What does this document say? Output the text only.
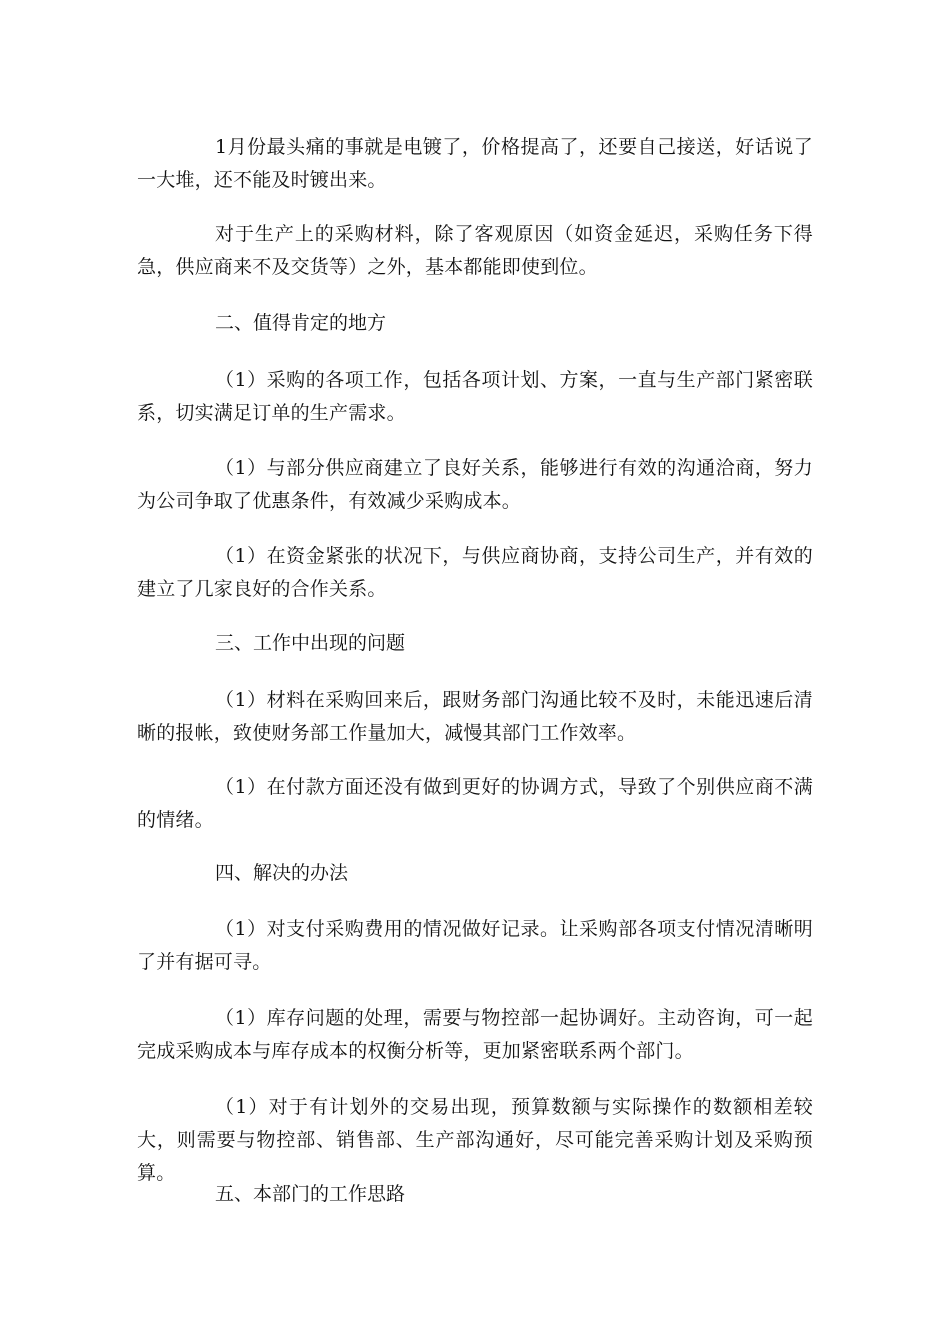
1月份最头痛的事就是电镀了，价格提高了，还要自己接送，好话说了一大堆，还不能及时镀出来。

对于生产上的采购材料，除了客观原因（如资金延迟，采购任务下得急，供应商来不及交货等）之外，基本都能即使到位。

二、值得肯定的地方

（1）采购的各项工作，包括各项计划、方案，一直与生产部门紧密联系，切实满足订单的生产需求。

（1）与部分供应商建立了良好关系，能够进行有效的沟通洽商，努力为公司争取了优惠条件，有效减少采购成本。

（1）在资金紧张的状况下，与供应商协商，支持公司生产，并有效的建立了几家良好的合作关系。

三、工作中出现的问题

（1）材料在采购回来后，跟财务部门沟通比较不及时，未能迅速后清晰的报帐，致使财务部工作量加大，减慢其部门工作效率。

（1）在付款方面还没有做到更好的协调方式，导致了个别供应商不满的情绪。

四、解决的办法

（1）对支付采购费用的情况做好记录。让采购部各项支付情况清晰明了并有据可寻。

（1）库存问题的处理，需要与物控部一起协调好。主动咨询，可一起完成采购成本与库存成本的权衡分析等，更加紧密联系两个部门。

（1）对于有计划外的交易出现，预算数额与实际操作的数额相差较大，则需要与物控部、销售部、生产部沟通好，尽可能完善采购计划及采购预算。

五、本部门的工作思路
